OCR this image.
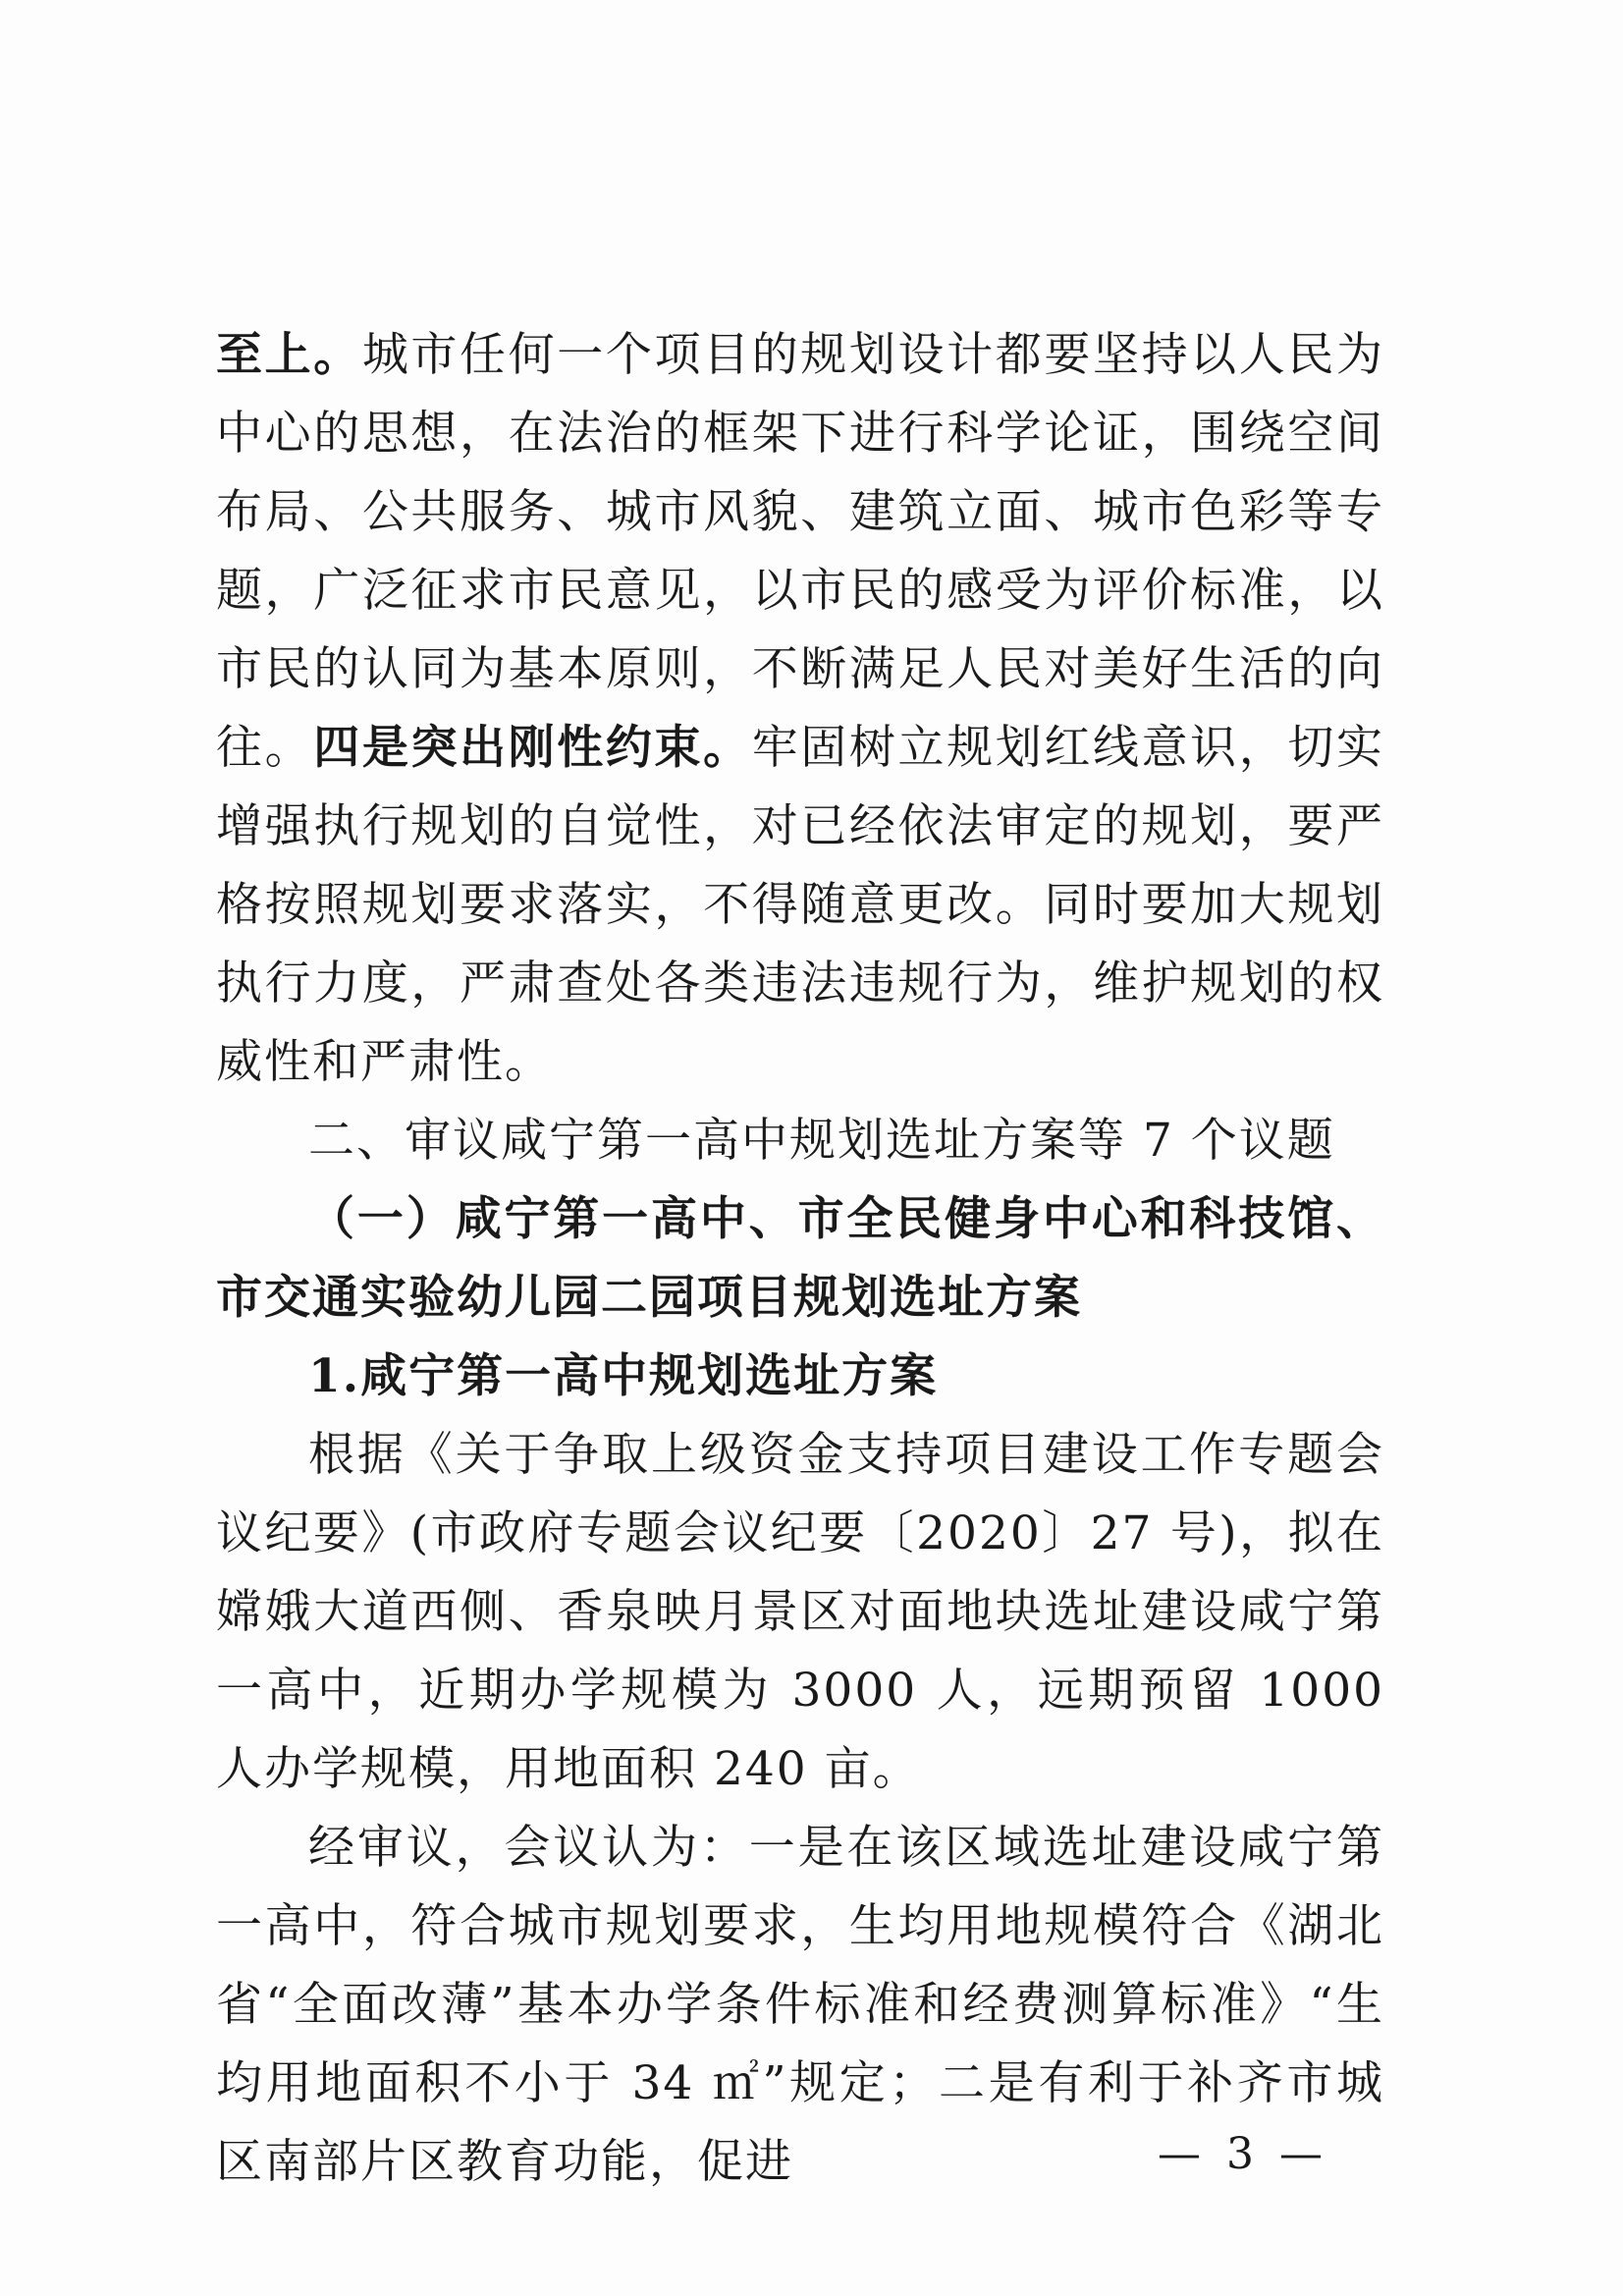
至上。城市任何一个项目的规划设计都要坚持以人民为中心的思想，在法治的框架下进行科学论证，围绕空间布局、公共服务、城市风貌、建筑立面、城市色彩等专题，广泛征求市民意见，以市民的感受为评价标准，以市民的认同为基本原则，不断满足人民对美好生活的向往。四是突出刚性约束。牢固树立规划红线意识，切实增强执行规划的自觉性，对已经依法审定的规划，要严格按照规划要求落实，不得随意更改。同时要加大规划执行力度，严肃查处各类违法违规行为，维护规划的权威性和严肃性。

二、审议咸宁第一高中规划选址方案等 7 个议题

（一）咸宁第一高中、市全民健身中心和科技馆、市交通实验幼儿园二园项目规划选址方案

1.咸宁第一高中规划选址方案

根据《关于争取上级资金支持项目建设工作专题会议纪要》(市政府专题会议纪要〔2020〕27 号)，拟在嫦娥大道西侧、香泉映月景区对面地块选址建设咸宁第一高中，近期办学规模为 3000 人，远期预留 1000 人办学规模，用地面积 240 亩。

经审议，会议认为：一是在该区域选址建设咸宁第一高中，符合城市规划要求，生均用地规模符合《湖北省“全面改薄”基本办学条件标准和经费测算标准》“生均用地面积不小于 34 ㎡”规定；二是有利于补齐市城区南部片区教育功能，促进	— 3 —
